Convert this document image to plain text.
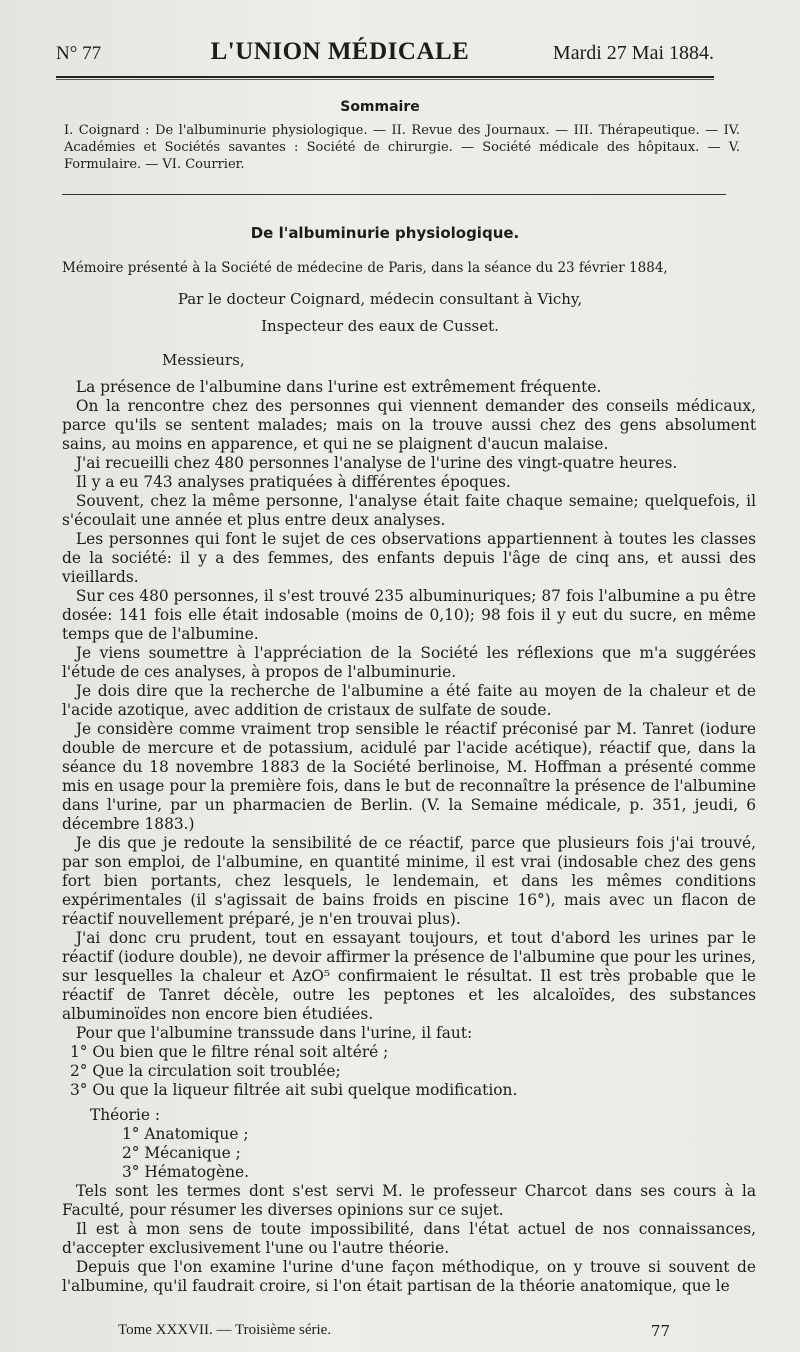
N° 77	L'UNION MÉDICALE	Mardi 27 Mai 1884.
Sommaire
I. Coignard : De l'albuminurie physiologique. — II. Revue des Journaux. — III. Thérapeutique. — IV. Académies et Sociétés savantes : Société de chirurgie. — Société médicale des hôpitaux. — V. Formulaire. — VI. Courrier.
De l'albuminurie physiologique.
Mémoire présenté à la Société de médecine de Paris, dans la séance du 23 février 1884,
Par le docteur Coignard, médecin consultant à Vichy,
Inspecteur des eaux de Cusset.
Messieurs,

La présence de l'albumine dans l'urine est extrêmement fréquente.

On la rencontre chez des personnes qui viennent demander des conseils médicaux, parce qu'ils se sentent malades; mais on la trouve aussi chez des gens absolument sains, au moins en apparence, et qui ne se plaignent d'aucun malaise.

J'ai recueilli chez 480 personnes l'analyse de l'urine des vingt-quatre heures.

Il y a eu 743 analyses pratiquées à différentes époques.

Souvent, chez la même personne, l'analyse était faite chaque semaine; quelquefois, il s'écoulait une année et plus entre deux analyses.

Les personnes qui font le sujet de ces observations appartiennent à toutes les classes de la société: il y a des femmes, des enfants depuis l'âge de cinq ans, et aussi des vieillards.

Sur ces 480 personnes, il s'est trouvé 235 albuminuriques; 87 fois l'albumine a pu être dosée: 141 fois elle était indosable (moins de 0,10); 98 fois il y eut du sucre, en même temps que de l'albumine.

Je viens soumettre à l'appréciation de la Société les réflexions que m'a suggérées l'étude de ces analyses, à propos de l'albuminurie.

Je dois dire que la recherche de l'albumine a été faite au moyen de la chaleur et de l'acide azotique, avec addition de cristaux de sulfate de soude.

Je considère comme vraiment trop sensible le réactif préconisé par M. Tanret (iodure double de mercure et de potassium, acidulé par l'acide acétique), réactif que, dans la séance du 18 novembre 1883 de la Société berlinoise, M. Hoffman a présenté comme mis en usage pour la première fois, dans le but de reconnaître la présence de l'albumine dans l'urine, par un pharmacien de Berlin. (V. la Semaine médicale, p. 351, jeudi, 6 décembre 1883.)

Je dis que je redoute la sensibilité de ce réactif, parce que plusieurs fois j'ai trouvé, par son emploi, de l'albumine, en quantité minime, il est vrai (indosable chez des gens fort bien portants, chez lesquels, le lendemain, et dans les mêmes conditions expérimentales (il s'agissait de bains froids en piscine 16°), mais avec un flacon de réactif nouvellement préparé, je n'en trouvai plus).

J'ai donc cru prudent, tout en essayant toujours, et tout d'abord les urines par le réactif (iodure double), ne devoir affirmer la présence de l'albumine que pour les urines, sur lesquelles la chaleur et AzO⁵ confirmaient le résultat. Il est très probable que le réactif de Tanret décèle, outre les peptones et les alcaloïdes, des substances albuminoïdes non encore bien étudiées.

Pour que l'albumine transsude dans l'urine, il faut:

1° Ou bien que le filtre rénal soit altéré ;
2° Que la circulation soit troublée;
3° Ou que la liqueur filtrée ait subi quelque modification.
Théorie :
1° Anatomique ;
2° Mécanique ;
3° Hématogène.

Tels sont les termes dont s'est servi M. le professeur Charcot dans ses cours à la Faculté, pour résumer les diverses opinions sur ce sujet.

Il est à mon sens de toute impossibilité, dans l'état actuel de nos connaissances, d'accepter exclusivement l'une ou l'autre théorie.

Depuis que l'on examine l'urine d'une façon méthodique, on y trouve si souvent de l'albumine, qu'il faudrait croire, si l'on était partisan de la théorie anatomique, que le

Tome XXXVII. — Troisième série.	77
